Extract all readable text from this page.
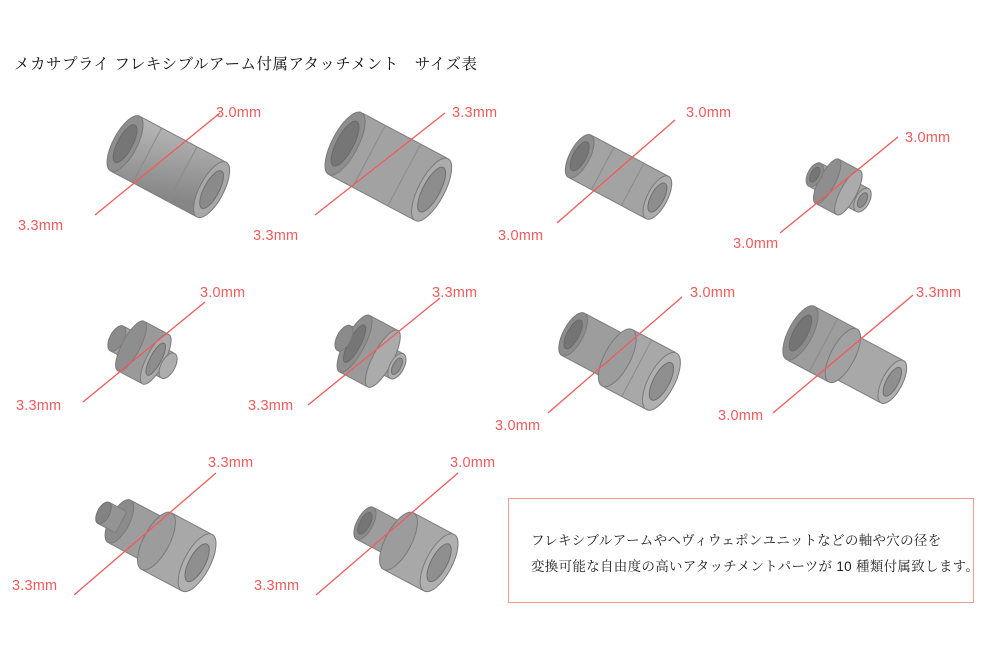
メカサプライ フレキシブルアーム付属アタッチメント　サイズ表
3.0mm
3.3mm
3.3mm
3.3mm
3.0mm
3.0mm
3.0mm
3.0mm
3.0mm
3.3mm
3.3mm
3.3mm
3.0mm
3.0mm
3.3mm
3.0mm
3.3mm
3.3mm
3.0mm
3.3mm
フレキシブルアームやヘヴィウェポンユニットなどの軸や穴の径を
変換可能な自由度の高いアタッチメントパーツが 10 種類付属致します。
